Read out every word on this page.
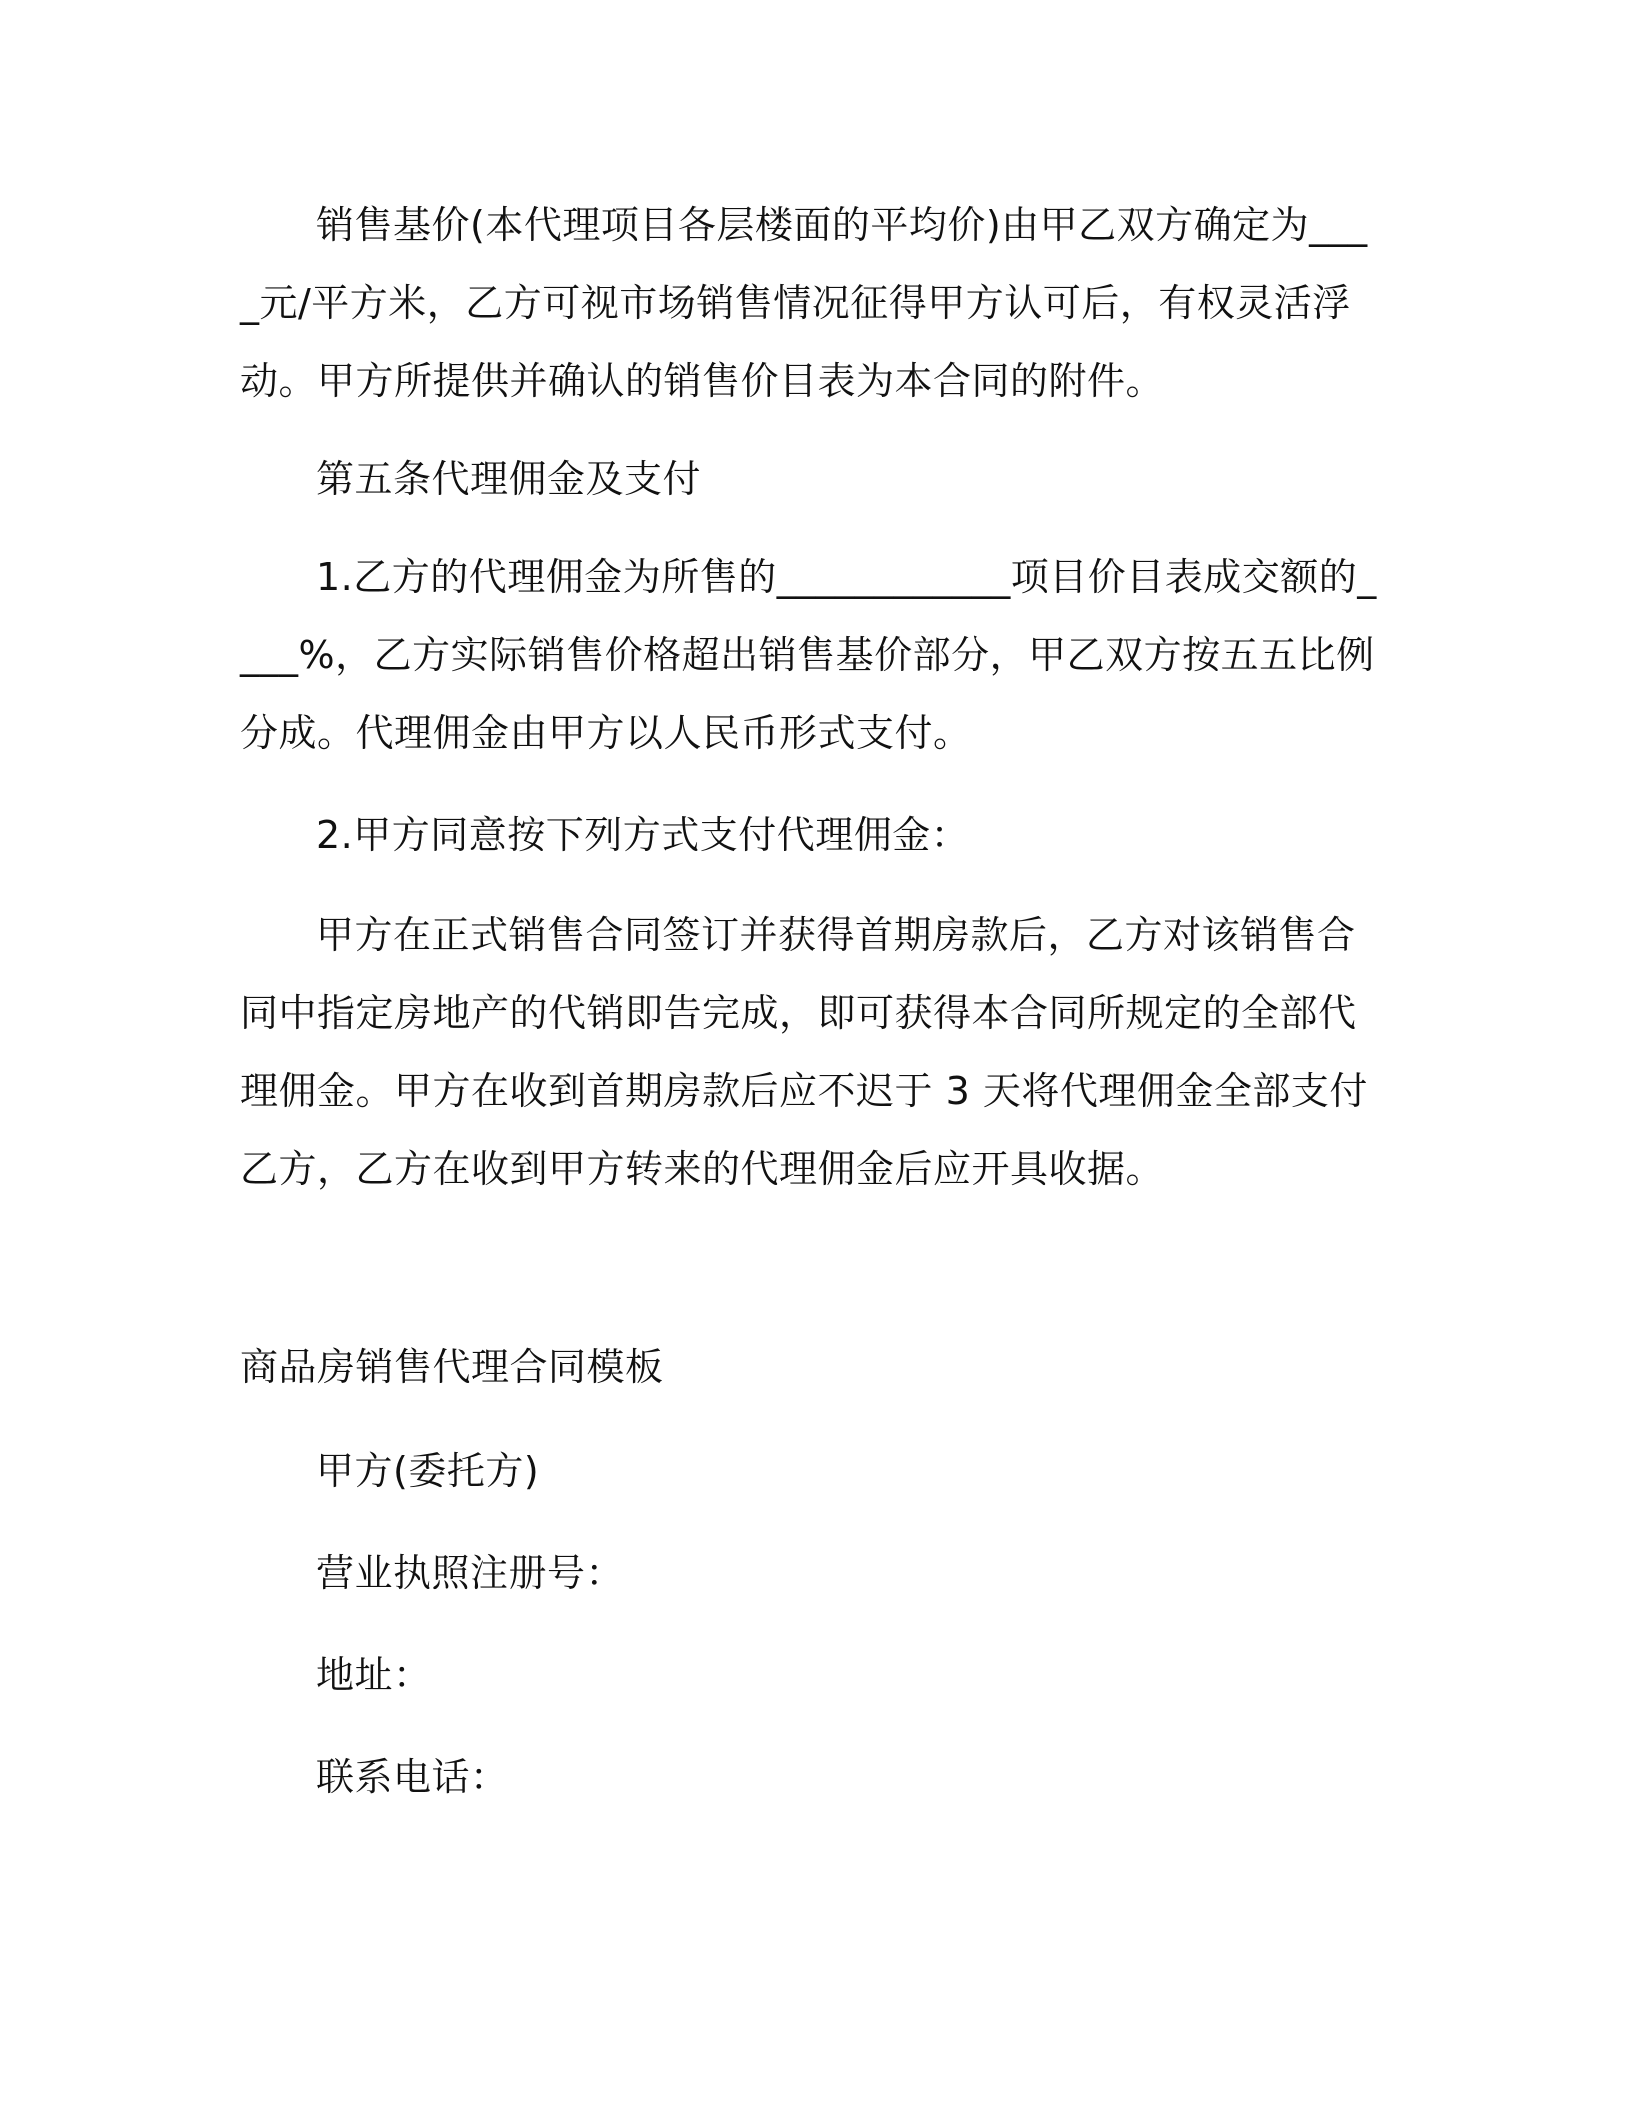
销售基价(本代理项目各层楼面的平均价)由甲乙双方确定为____元/平方米，乙方可视市场销售情况征得甲方认可后，有权灵活浮动。甲方所提供并确认的销售价目表为本合同的附件。

第五条代理佣金及支付

1.乙方的代理佣金为所售的____________项目价目表成交额的____%，乙方实际销售价格超出销售基价部分，甲乙双方按五五比例分成。代理佣金由甲方以人民币形式支付。

2.甲方同意按下列方式支付代理佣金：

甲方在正式销售合同签订并获得首期房款后，乙方对该销售合同中指定房地产的代销即告完成，即可获得本合同所规定的全部代理佣金。甲方在收到首期房款后应不迟于 3 天将代理佣金全部支付乙方，乙方在收到甲方转来的代理佣金后应开具收据。

商品房销售代理合同模板

甲方(委托方)

营业执照注册号：

地址：

联系电话：
